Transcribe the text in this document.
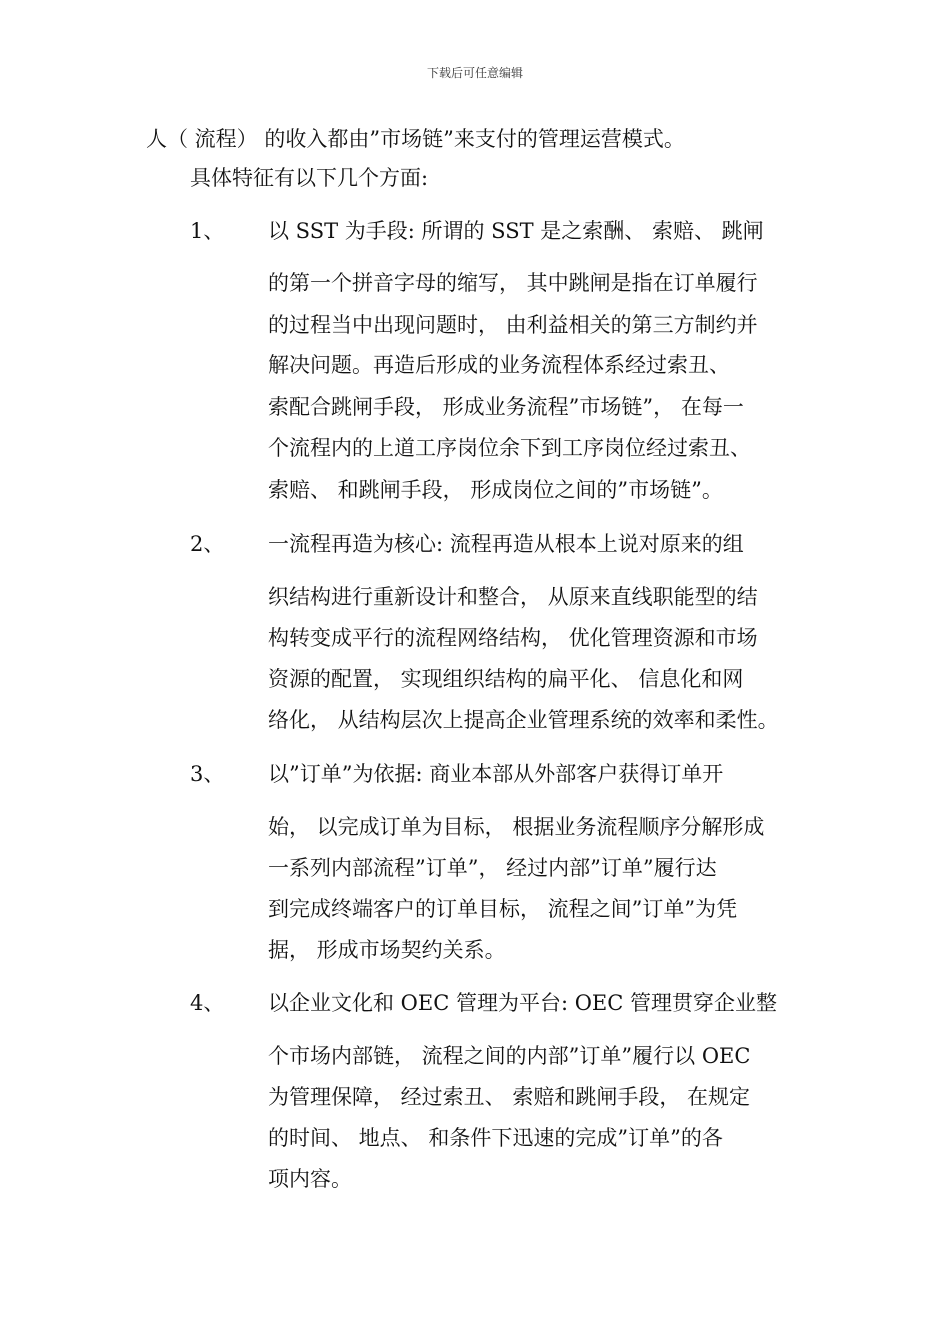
下载后可任意编辑
人（ 流程） 的收入都由”市场链”来支付的管理运营模式。
具体特征有以下几个方面:
1、 以 SST 为手段: 所谓的 SST 是之索酬、 索赔、 跳闸
的第一个拼音字母的缩写， 其中跳闸是指在订单履行
的过程当中出现问题时， 由利益相关的第三方制约并
解决问题。再造后形成的业务流程体系经过索丑、
索配合跳闸手段， 形成业务流程”市场链”， 在每一
个流程内的上道工序岗位余下到工序岗位经过索丑、
索赔、 和跳闸手段， 形成岗位之间的”市场链”。
2、 一流程再造为核心: 流程再造从根本上说对原来的组
织结构进行重新设计和整合， 从原来直线职能型的结
构转变成平行的流程网络结构， 优化管理资源和市场
资源的配置， 实现组织结构的扁平化、 信息化和网
络化， 从结构层次上提高企业管理系统的效率和柔性。
3、 以”订单”为依据: 商业本部从外部客户获得订单开
始， 以完成订单为目标， 根据业务流程顺序分解形成
一系列内部流程”订单”， 经过内部”订单”履行达
到完成终端客户的订单目标， 流程之间”订单”为凭
据， 形成市场契约关系。
4、 以企业文化和 OEC 管理为平台: OEC 管理贯穿企业整
个市场内部链， 流程之间的内部”订单”履行以 OEC
为管理保障， 经过索丑、 索赔和跳闸手段， 在规定
的时间、 地点、 和条件下迅速的完成”订单”的各
项内容。
